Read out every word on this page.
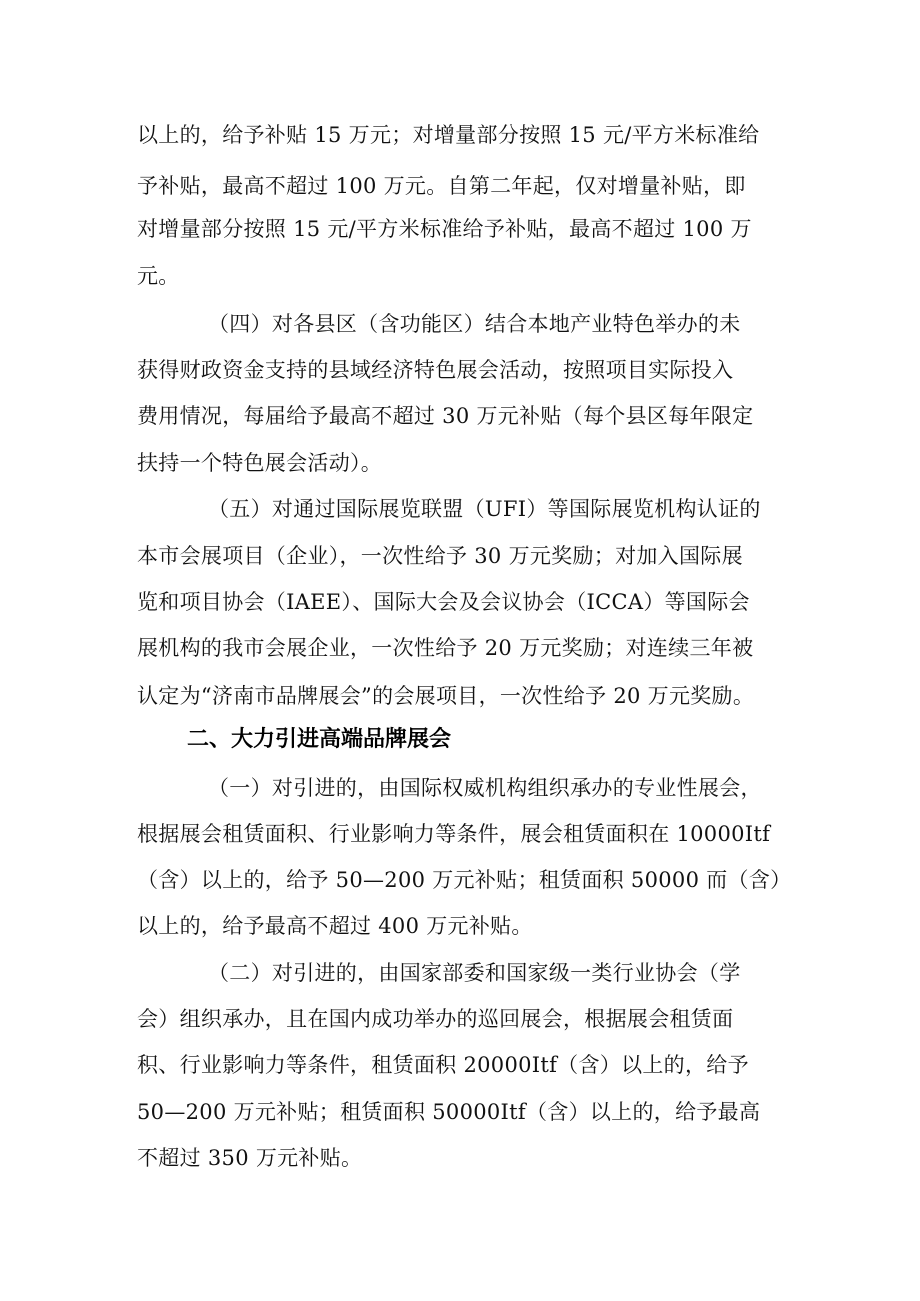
以上的，给予补贴 15 万元；对增量部分按照 15 元/平方米标准给
予补贴，最高不超过 100 万元。自第二年起，仅对增量补贴，即
对增量部分按照 15 元/平方米标准给予补贴，最高不超过 100 万
元。
（四）对各县区（含功能区）结合本地产业特色举办的未
获得财政资金支持的县域经济特色展会活动，按照项目实际投入
费用情况，每届给予最高不超过 30 万元补贴（每个县区每年限定
扶持一个特色展会活动）。
（五）对通过国际展览联盟（UFI）等国际展览机构认证的
本市会展项目（企业），一次性给予 30 万元奖励；对加入国际展
览和项目协会（IAEE）、国际大会及会议协会（ICCA）等国际会
展机构的我市会展企业，一次性给予 20 万元奖励；对连续三年被
认定为“济南市品牌展会”的会展项目，一次性给予 20 万元奖励。
二、大力引进高端品牌展会
（一）对引进的，由国际权威机构组织承办的专业性展会，
根据展会租赁面积、行业影响力等条件，展会租赁面积在 10000Itf
（含）以上的，给予 50—200 万元补贴；租赁面积 50000 而（含）
以上的，给予最高不超过 400 万元补贴。
（二）对引进的，由国家部委和国家级一类行业协会（学
会）组织承办，且在国内成功举办的巡回展会，根据展会租赁面
积、行业影响力等条件，租赁面积 20000Itf（含）以上的，给予
50—200 万元补贴；租赁面积 50000Itf（含）以上的，给予最高
不超过 350 万元补贴。
